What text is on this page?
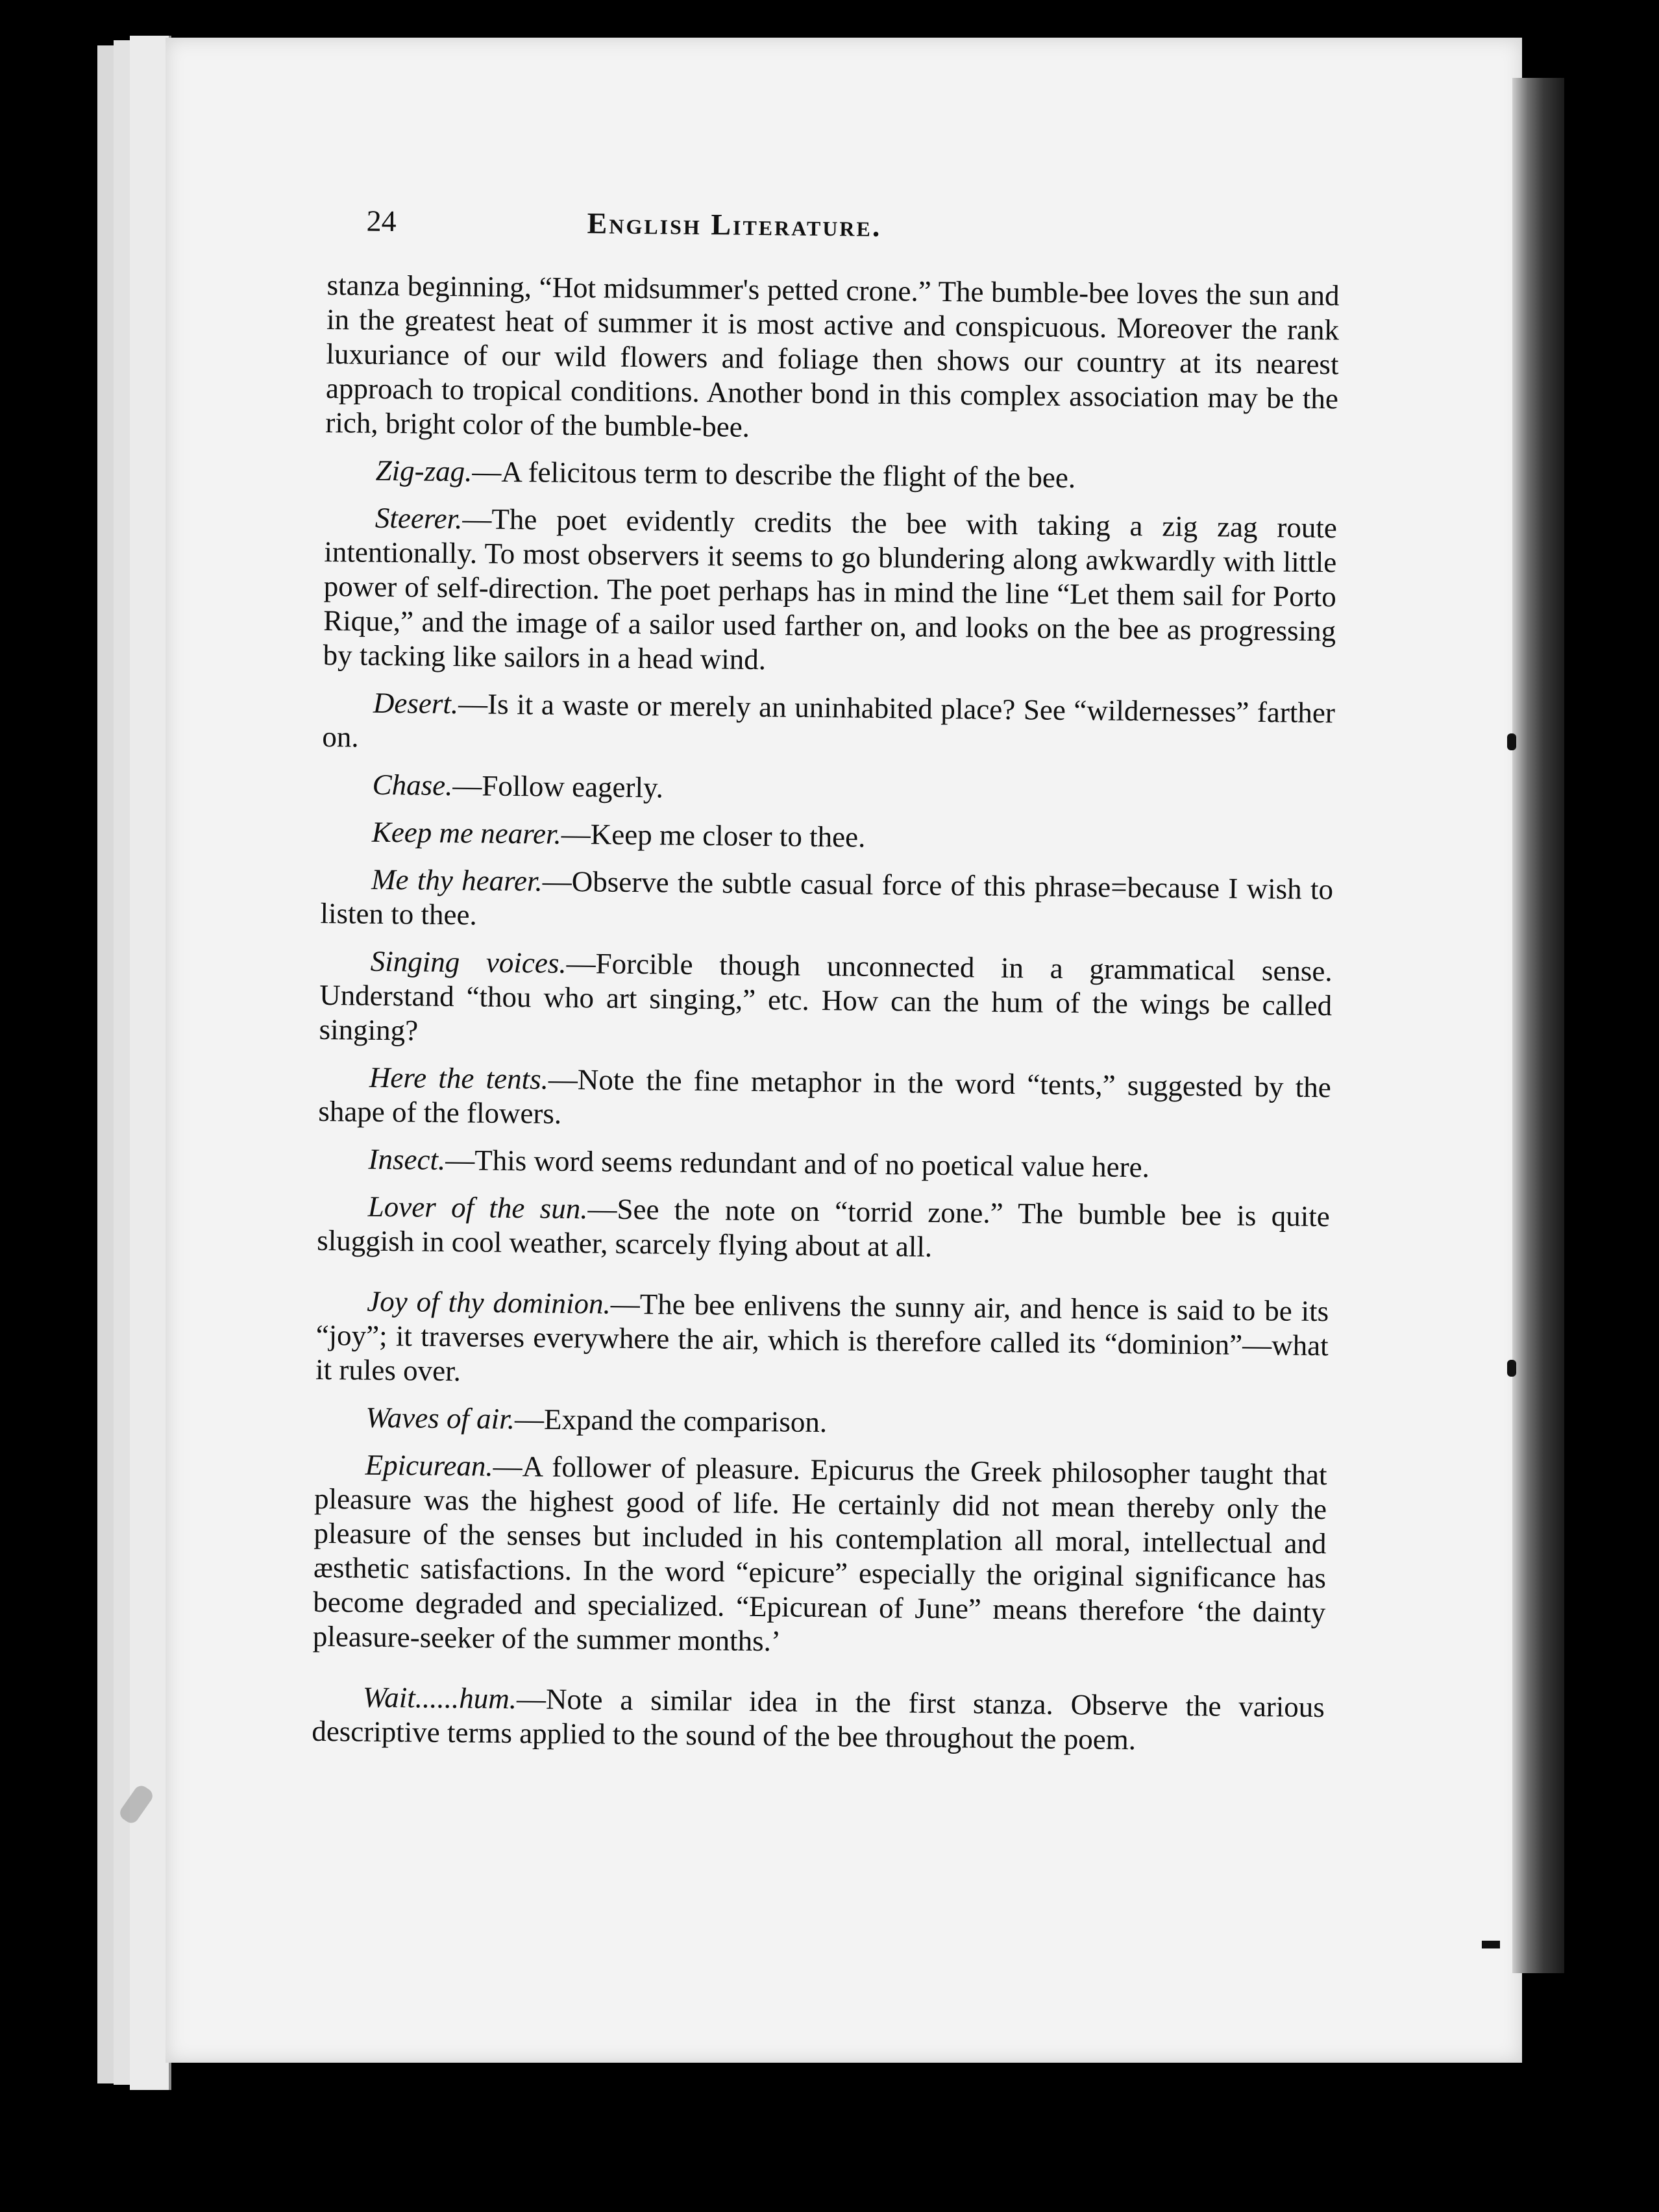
24	English Literature.

stanza beginning, “Hot midsummer's petted crone.” The bumble-bee loves the sun and in the greatest heat of summer it is most active and conspicuous. Moreover the rank luxuriance of our wild flowers and foliage then shows our country at its nearest approach to tropical conditions. Another bond in this complex association may be the rich, bright color of the bumble-bee.

Zig-zag.—A felicitous term to describe the flight of the bee.

Steerer.—The poet evidently credits the bee with taking a zig zag route intentionally. To most observers it seems to go blundering along awkwardly with little power of self-direction. The poet perhaps has in mind the line “Let them sail for Porto Rique,” and the image of a sailor used farther on, and looks on the bee as progressing by tacking like sailors in a head wind.

Desert.—Is it a waste or merely an uninhabited place? See “wildernesses” farther on.

Chase.—Follow eagerly.

Keep me nearer.—Keep me closer to thee.

Me thy hearer.—Observe the subtle casual force of this phrase=because I wish to listen to thee.

Singing voices.—Forcible though unconnected in a grammatical sense. Understand “thou who art singing,” etc. How can the hum of the wings be called singing?

Here the tents.—Note the fine metaphor in the word “tents,” suggested by the shape of the flowers.

Insect.—This word seems redundant and of no poetical value here.

Lover of the sun.—See the note on “torrid zone.” The bumble bee is quite sluggish in cool weather, scarcely flying about at all.

Joy of thy dominion.—The bee enlivens the sunny air, and hence is said to be its “joy”; it traverses everywhere the air, which is therefore called its “dominion”—what it rules over.

Waves of air.—Expand the comparison.

Epicurean.—A follower of pleasure. Epicurus the Greek philosopher taught that pleasure was the highest good of life. He certainly did not mean thereby only the pleasure of the senses but included in his contemplation all moral, intellectual and æsthetic satisfactions. In the word “epicure” especially the original significance has become degraded and specialized. “Epicurean of June” means therefore ‘the dainty pleasure-seeker of the summer months.’

Wait......hum.—Note a similar idea in the first stanza. Observe the various descriptive terms applied to the sound of the bee throughout the poem.
